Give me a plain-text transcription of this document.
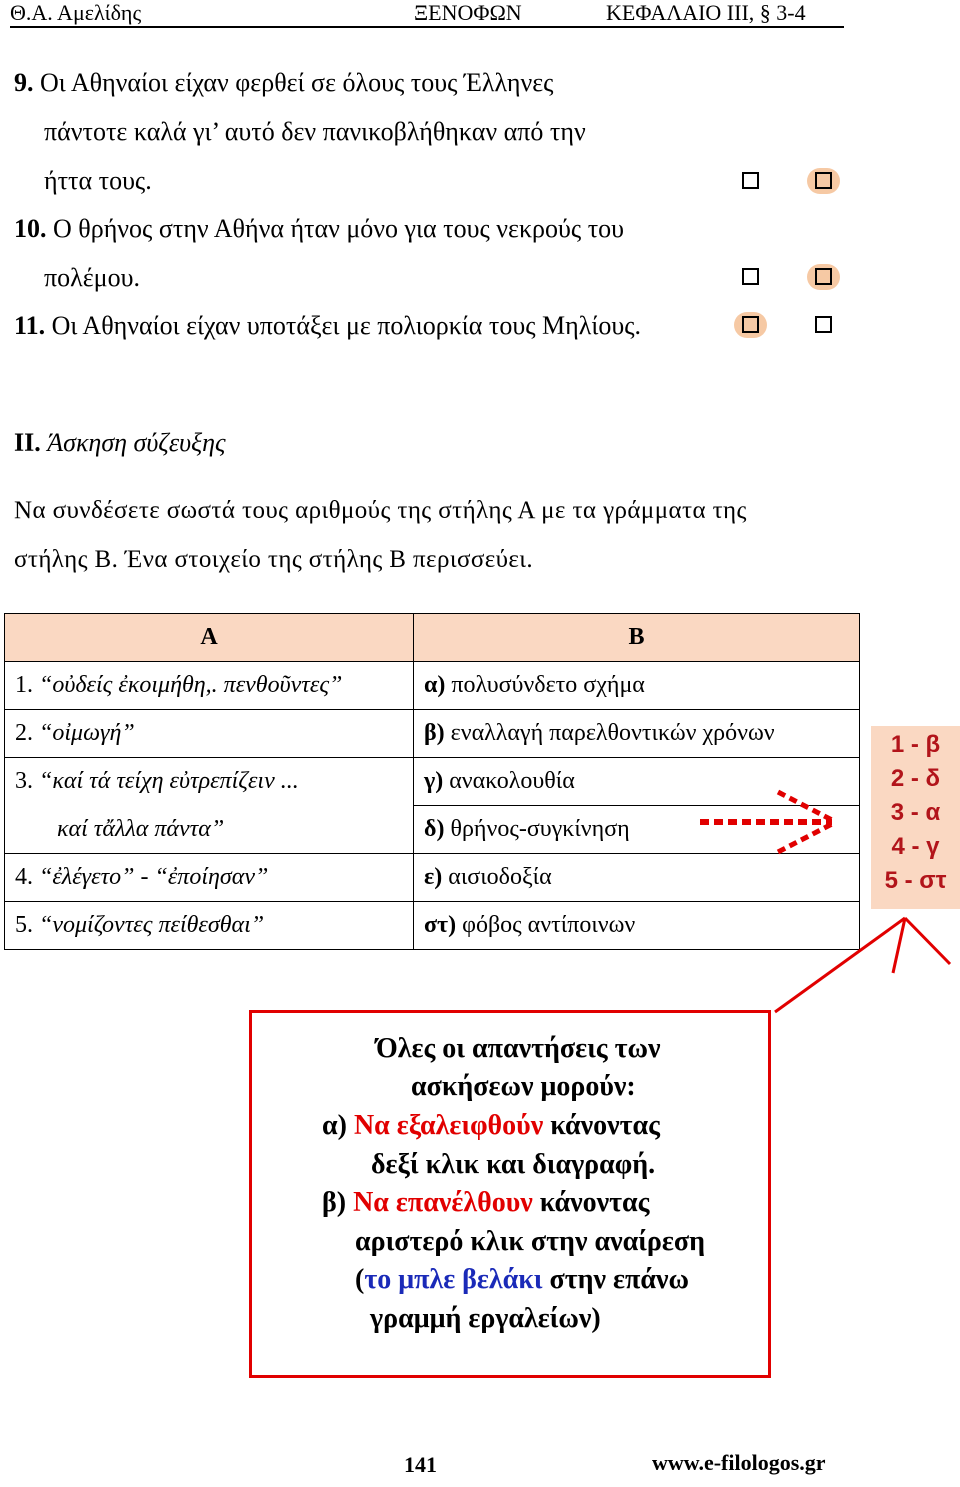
Θ.Α. Αμελίδης	ΞΕΝΟΦΩΝ	ΚΕΦΑΛΑΙΟ ΙΙΙ, § 3-4
9. Οι Αθηναίοι είχαν φερθεί σε όλους τους Έλληνες
πάντοτε καλά γι’ αυτό δεν πανικοβλήθηκαν από την
ήττα τους.
10. Ο θρήνος στην Αθήνα ήταν μόνο για τους νεκρούς του
πολέμου.
11. Οι Αθηναίοι είχαν υποτάξει με πολιορκία τους Μηλίους.
ΙΙ. Άσκηση σύζευξης
Να συνδέσετε σωστά τους αριθμούς της στήλης Α με τα γράμματα της
στήλης Β. Ένα στοιχείο της στήλης Β περισσεύει.
Α	Β
1. “οὐδείς ἐκοιμήθη,. πενθοῦντες”	α) πολυσύνδετο σχήμα
2. “οἰμωγή”	β) εναλλαγή παρελθοντικών χρόνων
3. “καί τά τείχη εὐτρεπίζειν ...	γ) ανακολουθία
καί τἄλλα πάντα”	δ) θρήνος-συγκίνηση
4. “ἐλέγετο” - “ἐποίησαν”	ε) αισιοδοξία
5. “νομίζοντες πείθεσθαι”	στ) φόβος αντίποινων
1 - β
2 - δ
3 - α
4 - γ
5 - στ
Όλες οι απαντήσεις των
ασκήσεων μορούν:
α) Να εξαλειφθούν κάνοντας
δεξί κλικ και διαγραφή.
β) Να επανέλθουν κάνοντας
αριστερό κλικ στην αναίρεση
(το μπλε βελάκι στην επάνω
γραμμή εργαλείων)
141	www.e-filologos.gr
